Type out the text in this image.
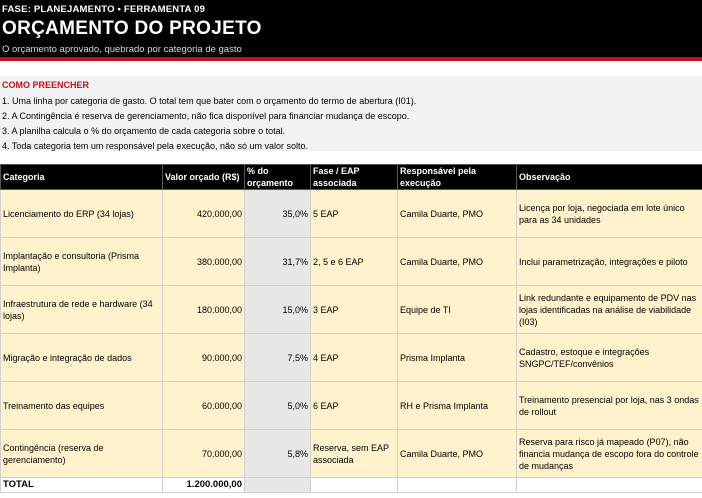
FASE: PLANEJAMENTO • FERRAMENTA 09
ORÇAMENTO DO PROJETO
O orçamento aprovado, quebrado por categoria de gasto
COMO PREENCHER
1. Uma linha por categoria de gasto. O total tem que bater com o orçamento do termo de abertura (I01).
2. A Contingência é reserva de gerenciamento, não fica disponível para financiar mudança de escopo.
3. A planilha calcula o % do orçamento de cada categoria sobre o total.
4. Toda categoria tem um responsável pela execução, não só um valor solto.
Categoria	Valor orçado (R$)	% do orçamento	Fase / EAP associada	Responsável pela execução	Observação
Licenciamento do ERP (34 lojas)	420.000,00	35,0%	5 EAP	Camila Duarte, PMO	Licença por loja, negociada em lote único para as 34 unidades
Implantação e consultoria (Prisma Implanta)	380.000,00	31,7%	2, 5 e 6 EAP	Camila Duarte, PMO	Inclui parametrização, integrações e piloto
Infraestrutura de rede e hardware (34 lojas)	180.000,00	15,0%	3 EAP	Equipe de TI	Link redundante e equipamento de PDV nas lojas identificadas na análise de viabilidade (I03)
Migração e integração de dados	90.000,00	7,5%	4 EAP	Prisma Implanta	Cadastro, estoque e integrações SNGPC/TEF/convênios
Treinamento das equipes	60.000,00	5,0%	6 EAP	RH e Prisma Implanta	Treinamento presencial por loja, nas 3 ondas de rollout
Contingência (reserva de gerenciamento)	70.000,00	5,8%	Reserva, sem EAP associada	Camila Duarte, PMO	Reserva para risco já mapeado (P07), não financia mudança de escopo fora do controle de mudanças
TOTAL	1.200.000,00				
